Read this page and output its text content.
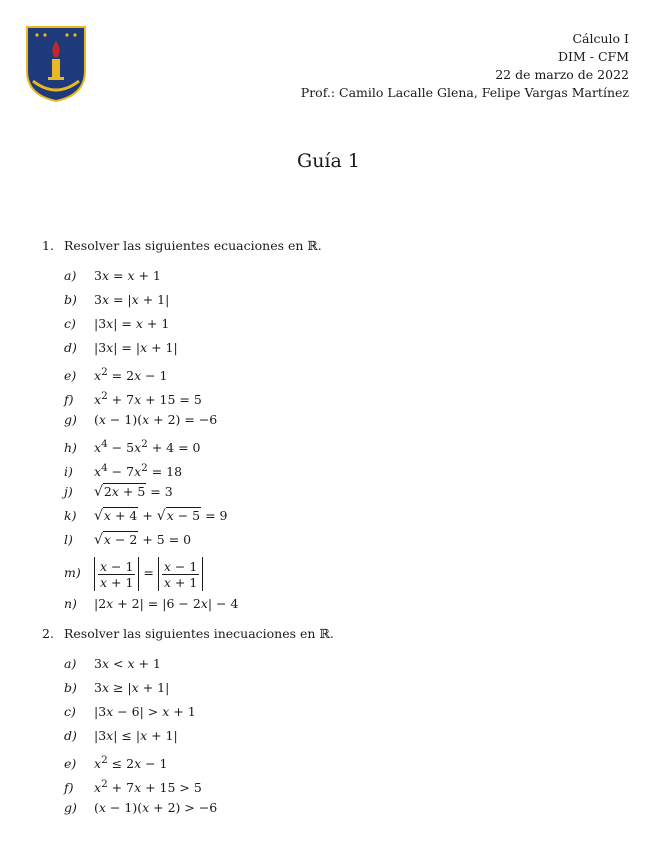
Cálculo I
DIM - CFM
22 de marzo de 2022
Prof.: Camilo Lacalle Glena, Felipe Vargas Martínez
Guía 1
1. Resolver las siguientes ecuaciones en ℝ.
a) 3x = x + 1
b) 3x = |x + 1|
c) |3x| = x + 1
d) |3x| = |x + 1|
e) $x^2 = 2x - 1$
f) $x^2 + 7x + 15 = 5$
g) (x − 1)(x + 2) = −6
h) $x^4 - 5x^2 + 4 = 0$
i) $x^4 - 7x^2 = 18$
j) √2x + 5 = 3
k) √x + 4 + √x − 5 = 9
l) √x − 2 + 5 = 0
$m) \frac{x - 1}{x + 1} = \frac{x - 1}{x + 1}$
n) |2x + 2| = |6 − 2x| − 4
2. Resolver las siguientes inecuaciones en ℝ.
a) 3x < x + 1
b) 3x ≥ |x + 1|
c) |3x − 6| > x + 1
d) |3x| ≤ |x + 1|
e) $x^2 \le 2x - 1$
f) $x^2 + 7x + 15 > 5$
g) (x − 1)(x + 2) > −6
